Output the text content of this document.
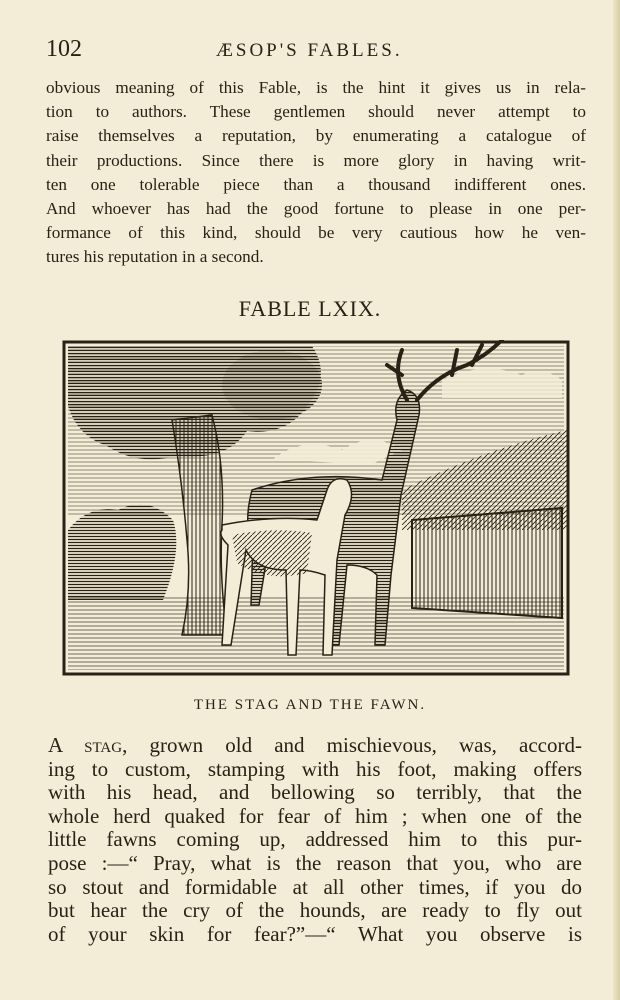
102	ÆSOP'S FABLES.
obvious meaning of this Fable, is the hint it gives us in rela-
tion to authors. These gentlemen should never attempt to
raise themselves a reputation, by enumerating a catalogue of
their productions. Since there is more glory in having writ-
ten one tolerable piece than a thousand indifferent ones.
And whoever has had the good fortune to please in one per-
formance of this kind, should be very cautious how he ven-
tures his reputation in a second.
FABLE LXIX.
THE STAG AND THE FAWN.
A stag, grown old and mischievous, was, accord-
ing to custom, stamping with his foot, making offers
with his head, and bellowing so terribly, that the
whole herd quaked for fear of him ; when one of the
little fawns coming up, addressed him to this pur-
pose :—“ Pray, what is the reason that you, who are
so stout and formidable at all other times, if you do
but hear the cry of the hounds, are ready to fly out
of your skin for fear?”—“ What you observe is
